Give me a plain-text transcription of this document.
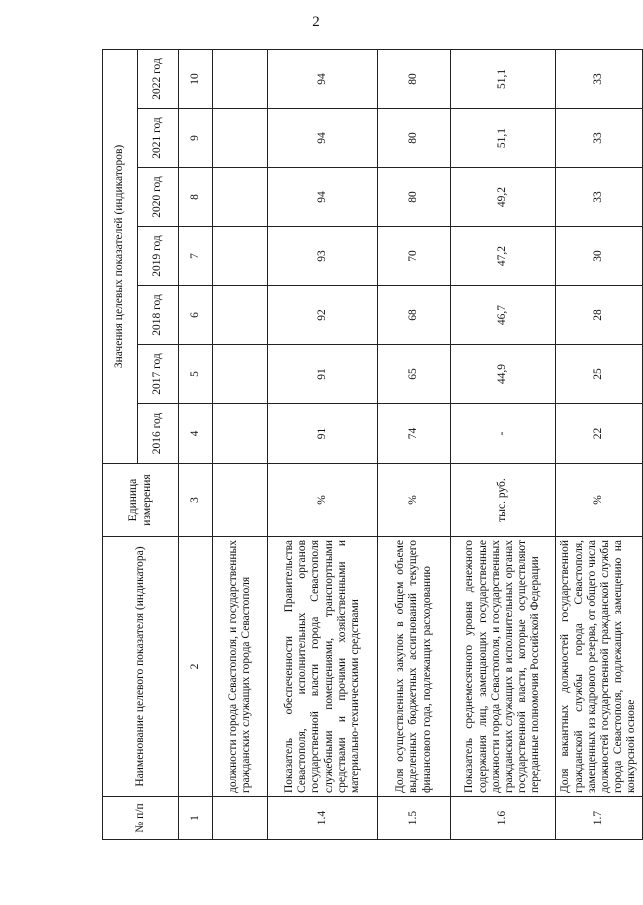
2
№ п/п	Наименование целевого показателя (индикатора)	Единица измерения	Значения целевых показателей (индикаторов)						
			2016 год	2017 год	2018 год	2019 год	2020 год	2021 год	2022 год
1	2	3	4	5	6	7	8	9	10
	должности города Севастополя, и государственных гражданских служащих города Севастополя								
1.4	Показатель обеспеченности Правительства Севастополя, исполнительных органов государственной власти города Севастополя служебными помещениями, транспортными средствами и прочими хозяйственными и материально-техническими средствами	%	91	91	92	93	94	94	94
1.5	Доля осуществленных закупок в общем объеме выделенных бюджетных ассигнований текущего финансового года, подлежащих расходованию	%	74	65	68	70	80	80	80
1.6	Показатель среднемесячного уровня денежного содержания лиц, замещающих государственные должности города Севастополя, и государственных гражданских служащих в исполнительных органах государственной власти, которые осуществляют переданные полномочия Российской Федерации	тыс. руб.	-	44,9	46,7	47,2	49,2	51,1	51,1
1.7	Доля вакантных должностей государственной гражданской службы города Севастополя, замещенных из кадрового резерва, от общего числа должностей государственной гражданской службы города Севастополя, подлежащих замещению на конкурсной основе	%	22	25	28	30	33	33	33
